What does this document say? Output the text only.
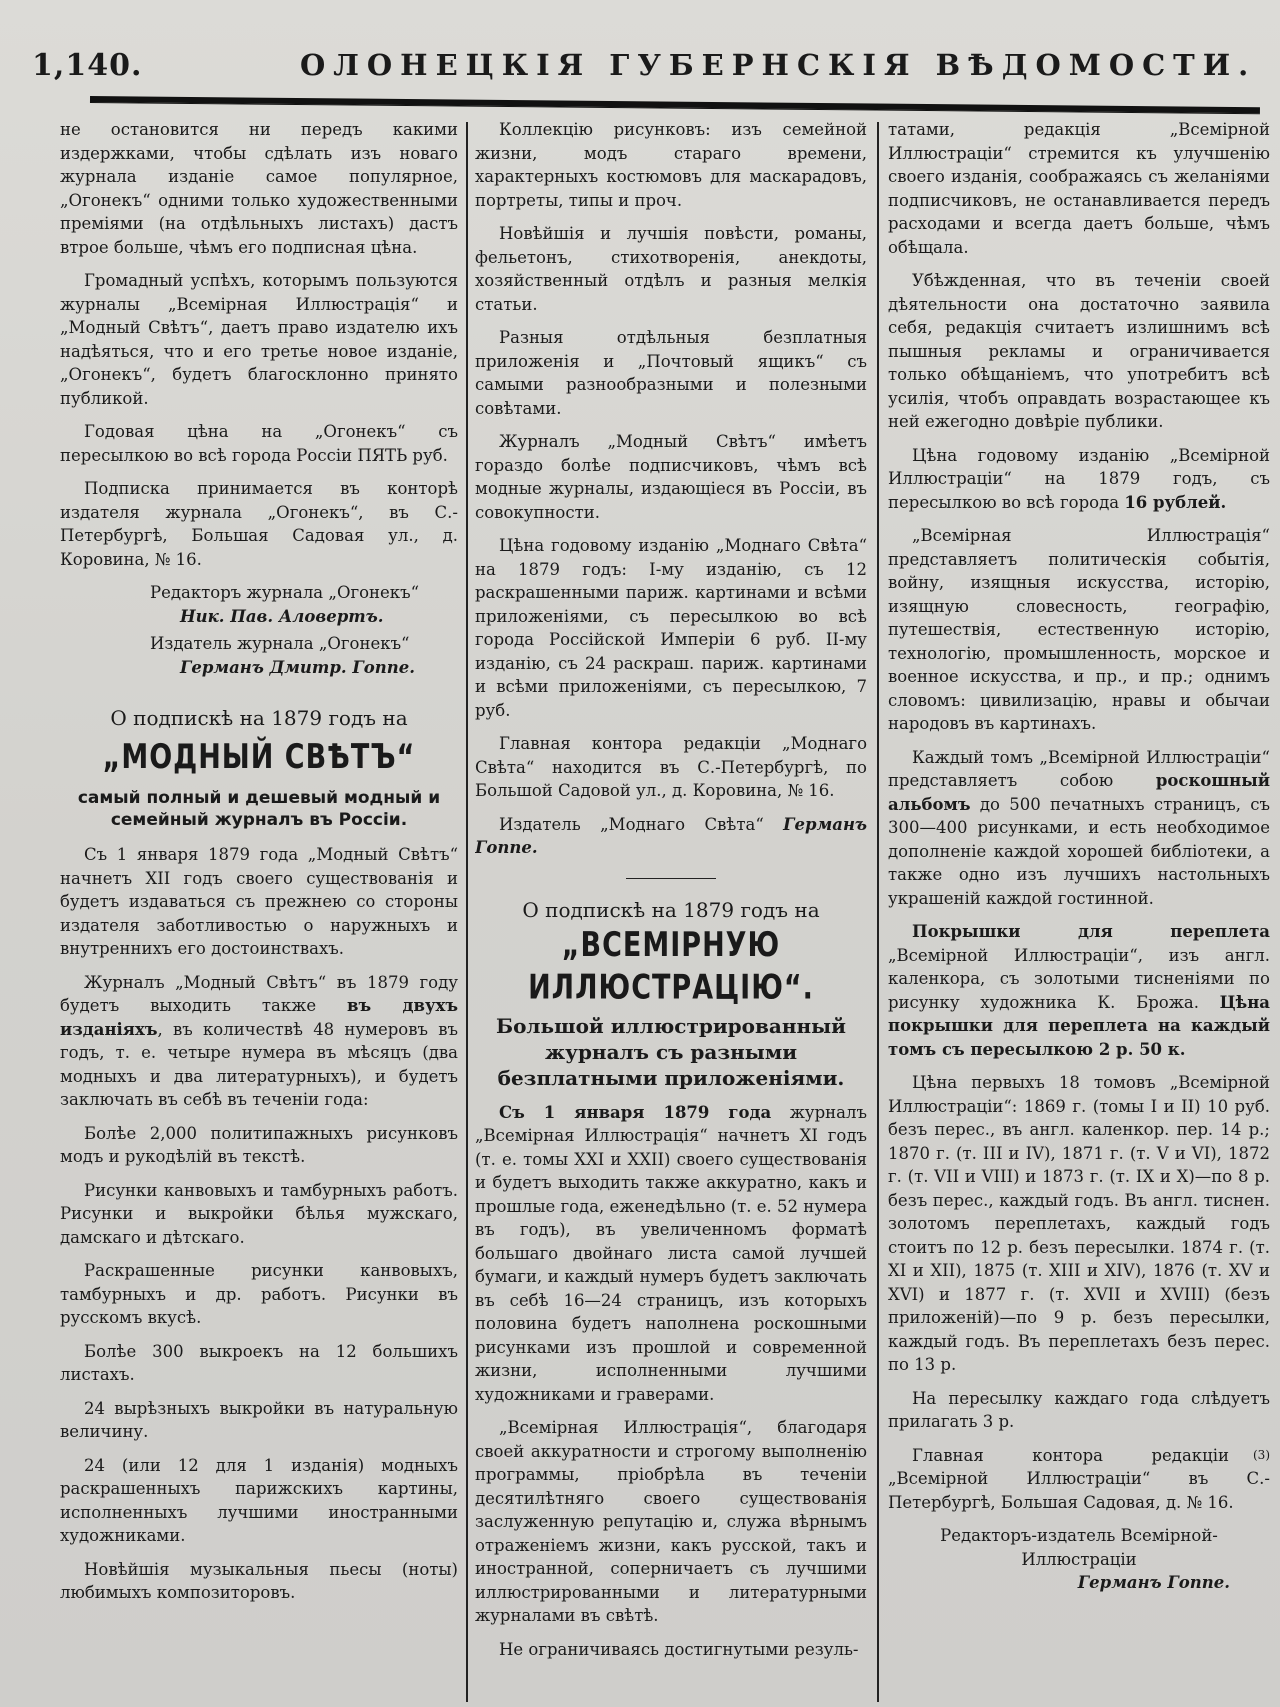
1,140.	ОЛОНЕЦКIЯ ГУБЕРНСКIЯ ВѢДОМОСТИ.

не остановится ни передъ какими издержками, чтобы сдѣлать изъ новаго журнала изданіе самое популярное, „Огонекъ“ одними только художественными преміями (на отдѣльныхъ листахъ) дастъ втрое больше, чѣмъ его подписная цѣна.

Громадный успѣхъ, которымъ пользуются журналы „Всемірная Иллюстрація“ и „Модный Свѣтъ“, даетъ право издателю ихъ надѣяться, что и его третье новое изданіе, „Огонекъ“, будетъ благосклонно принято публикой.

Годовая цѣна на „Огонекъ“ съ пересылкою во всѣ города Россіи ПЯТЬ руб.

Подписка принимается въ конторѣ издателя журнала „Огонекъ“, въ С.-Петербургѣ, Большая Садовая ул., д. Коровина, № 16.

Редакторъ журнала „Огонекъ“
Ник. Пав. Аловертъ.
Издатель журнала „Огонекъ“
Германъ Дмитр. Гоппе.
О подпискѣ на 1879 годъ на
„МОДНЫЙ СВѢТЪ“
самый полный и дешевый модный и семейный журналъ въ Россіи.

Съ 1 января 1879 года „Модный Свѣтъ“ начнетъ XII годъ своего существованія и будетъ издаваться съ прежнею со стороны издателя заботливостью о наружныхъ и внутреннихъ его достоинствахъ.

Журналъ „Модный Свѣтъ“ въ 1879 году будетъ выходить также въ двухъ изданіяхъ, въ количествѣ 48 нумеровъ въ годъ, т. е. четыре нумера въ мѣсяцъ (два модныхъ и два литературныхъ), и будетъ заключать въ себѣ въ теченіи года:

Болѣе 2,000 политипажныхъ рисунковъ модъ и рукодѣлій въ текстѣ.

Рисунки канвовыхъ и тамбурныхъ работъ. Рисунки и выкройки бѣлья мужскаго, дамскаго и дѣтскаго.

Раскрашенные рисунки канвовыхъ, тамбурныхъ и др. работъ. Рисунки въ русскомъ вкусѣ.

Болѣе 300 выкроекъ на 12 большихъ листахъ.

24 вырѣзныхъ выкройки въ натуральную величину.

24 (или 12 для 1 изданія) модныхъ раскрашенныхъ парижскихъ картины, исполненныхъ лучшими иностранными художниками.

Новѣйшія музыкальныя пьесы (ноты) любимыхъ композиторовъ.

Коллекцію рисунковъ: изъ семейной жизни, модъ стараго времени, характерныхъ костюмовъ для маскарадовъ, портреты, типы и проч.

Новѣйшія и лучшія повѣсти, романы, фельетонъ, стихотворенія, анекдоты, хозяйственный отдѣлъ и разныя мелкія статьи.

Разныя отдѣльныя безплатныя приложенія и „Почтовый ящикъ“ съ самыми разнообразными и полезными совѣтами.

Журналъ „Модный Свѣтъ“ имѣетъ гораздо болѣе подписчиковъ, чѣмъ всѣ модные журналы, издающіеся въ Россіи, въ совокупности.

Цѣна годовому изданію „Моднаго Свѣта“ на 1879 годъ: I-му изданію, съ 12 раскрашенными париж. картинами и всѣми приложеніями, съ пересылкою во всѣ города Россійской Имперіи 6 руб. II-му изданію, съ 24 раскраш. париж. картинами и всѣми приложеніями, съ пересылкою, 7 руб.

Главная контора редакціи „Моднаго Свѣта“ находится въ С.-Петербургѣ, по Большой Садовой ул., д. Коровина, № 16.

Издатель „Моднаго Свѣта“ Германъ Гоппе.

О подпискѣ на 1879 годъ на
„ВСЕМІРНУЮ ИЛЛЮСТРАЦІЮ“.
Большой иллюстрированный журналъ съ разными безплатными приложеніями.

Съ 1 января 1879 года журналъ „Всемірная Иллюстрація“ начнетъ XI годъ (т. е. томы XXI и XXII) своего существованія и будетъ выходить также аккуратно, какъ и прошлые года, еженедѣльно (т. е. 52 нумера въ годъ), въ увеличенномъ форматѣ большаго двойнаго листа самой лучшей бумаги, и каждый нумеръ будетъ заключать въ себѣ 16—24 страницъ, изъ которыхъ половина будетъ наполнена роскошными рисунками изъ прошлой и современной жизни, исполненными лучшими художниками и граверами.

„Всемірная Иллюстрація“, благодаря своей аккуратности и строгому выполненію программы, пріобрѣла въ теченіи десятилѣтняго своего существованія заслуженную репутацію и, служа вѣрнымъ отраженіемъ жизни, какъ русской, такъ и иностранной, соперничаетъ съ лучшими иллюстрированными и литературными журналами въ свѣтѣ.

Не ограничиваясь достигнутыми резуль-

татами, редакція „Всемірной Иллюстраціи“ стремится къ улучшенію своего изданія, соображаясь съ желаніями подписчиковъ, не останавливается передъ расходами и всегда даетъ больше, чѣмъ обѣщала.

Убѣжденная, что въ теченіи своей дѣятельности она достаточно заявила себя, редакція считаетъ излишнимъ всѣ пышныя рекламы и ограничивается только обѣщаніемъ, что употребитъ всѣ усилія, чтобъ оправдать возрастающее къ ней ежегодно довѣріе публики.

Цѣна годовому изданію „Всемірной Иллюстраціи“ на 1879 годъ, съ пересылкою во всѣ города 16 рублей.

„Всемірная Иллюстрація“ представляетъ политическія событія, войну, изящныя искусства, исторію, изящную словесность, географію, путешествія, естественную исторію, технологію, промышленность, морское и военное искусства, и пр., и пр.; однимъ словомъ: цивилизацію, нравы и обычаи народовъ въ картинахъ.

Каждый томъ „Всемірной Иллюстраціи“ представляетъ собою роскошный альбомъ до 500 печатныхъ страницъ, съ 300—400 рисунками, и есть необходимое дополненіе каждой хорошей библіотеки, а также одно изъ лучшихъ настольныхъ украшеній каждой гостинной.

Покрышки для переплета „Всемірной Иллюстраціи“, изъ англ. каленкора, съ золотыми тисненіями по рисунку художника К. Брожа. Цѣна покрышки для переплета на каждый томъ съ пересылкою 2 р. 50 к.

Цѣна первыхъ 18 томовъ „Всемірной Иллюстраціи“: 1869 г. (томы I и II) 10 руб. безъ перес., въ англ. каленкор. пер. 14 р.; 1870 г. (т. III и IV), 1871 г. (т. V и VI), 1872 г. (т. VII и VIII) и 1873 г. (т. IX и X)—по 8 р. безъ перес., каждый годъ. Въ англ. тиснен. золотомъ переплетахъ, каждый годъ стоитъ по 12 р. безъ пересылки. 1874 г. (т. XI и XII), 1875 (т. XIII и XIV), 1876 (т. XV и XVI) и 1877 г. (т. XVII и XVIII) (безъ приложеній)—по 9 р. безъ пересылки, каждый годъ. Въ переплетахъ безъ перес. по 13 р.

На пересылку каждаго года слѣдуетъ прилагать 3 р.

(3)
Главная контора редакціи „Всемірной Иллюстраціи“ въ С.-Петербургѣ, Большая Садовая, д. № 16.

Редакторъ-издатель Всемірной-Иллюстраціи
Германъ Гоппе.
